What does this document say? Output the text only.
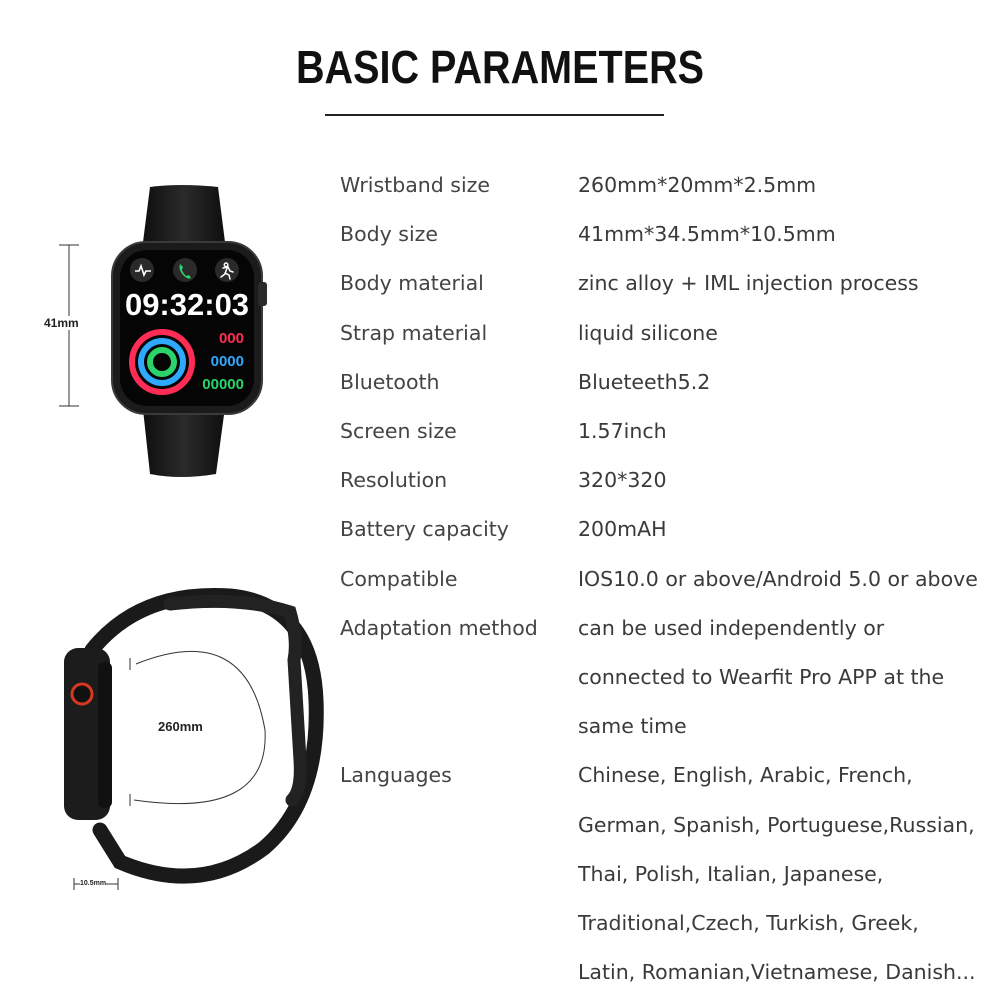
BASIC PARAMETERS
09:32:03
000
0000
00000
41mm
260mm
10.5mm
Wristband size	260mm*20mm*2.5mm
Body size	41mm*34.5mm*10.5mm
Body material	zinc alloy + IML injection process
Strap material	liquid silicone
Bluetooth	Blueteeth5.2
Screen size	1.57inch
Resolution	320*320
Battery capacity	200mAH
Compatible	IOS10.0 or above/Android 5.0 or above
Adaptation method	can be used independently or
connected to Wearfit Pro APP at the
same time
Languages	Chinese, English, Arabic, French,
German, Spanish, Portuguese,Russian,
Thai, Polish, Italian, Japanese,
Traditional,Czech, Turkish, Greek,
Latin, Romanian,Vietnamese, Danish...
